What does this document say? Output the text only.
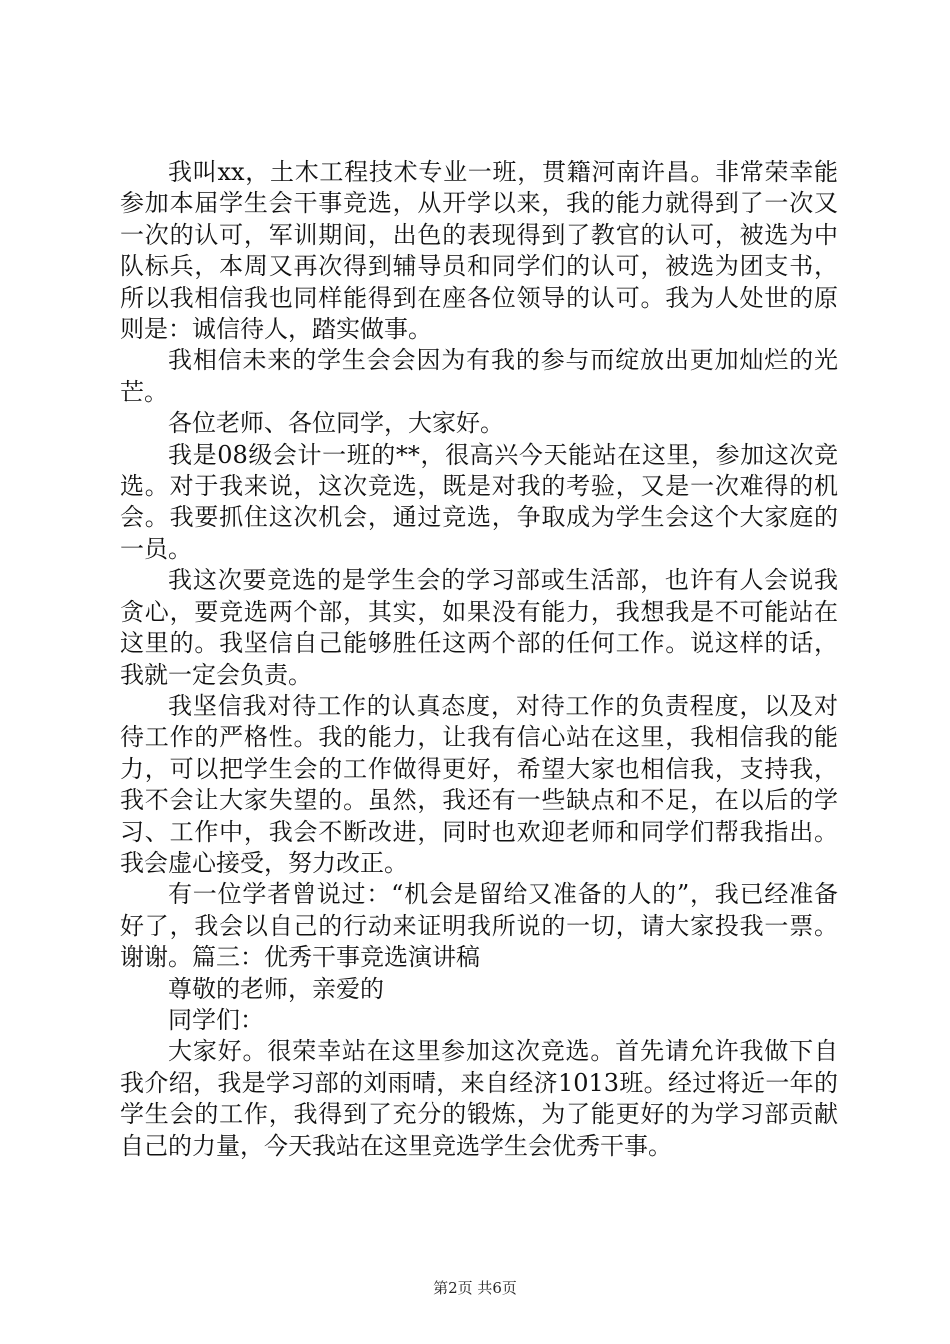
我叫xx，土木工程技术专业一班，贯籍河南许昌。非常荣幸能参加本届学生会干事竞选，从开学以来，我的能力就得到了一次又一次的认可，军训期间，出色的表现得到了教官的认可，被选为中队标兵，本周又再次得到辅导员和同学们的认可，被选为团支书，所以我相信我也同样能得到在座各位领导的认可。我为人处世的原则是：诚信待人，踏实做事。

我相信未来的学生会会因为有我的参与而绽放出更加灿烂的光芒。

各位老师、各位同学，大家好。

我是08级会计一班的**，很高兴今天能站在这里，参加这次竞选。对于我来说，这次竞选，既是对我的考验，又是一次难得的机会。我要抓住这次机会，通过竞选，争取成为学生会这个大家庭的一员。

我这次要竞选的是学生会的学习部或生活部，也许有人会说我贪心，要竞选两个部，其实，如果没有能力，我想我是不可能站在这里的。我坚信自己能够胜任这两个部的任何工作。说这样的话，我就一定会负责。

我坚信我对待工作的认真态度，对待工作的负责程度，以及对待工作的严格性。我的能力，让我有信心站在这里，我相信我的能力，可以把学生会的工作做得更好，希望大家也相信我，支持我，我不会让大家失望的。虽然，我还有一些缺点和不足，在以后的学习、工作中，我会不断改进，同时也欢迎老师和同学们帮我指出。我会虚心接受，努力改正。

有一位学者曾说过：“机会是留给又准备的人的”，我已经准备好了，我会以自己的行动来证明我所说的一切，请大家投我一票。谢谢。篇三：优秀干事竞选演讲稿

尊敬的老师，亲爱的

同学们：

大家好。很荣幸站在这里参加这次竞选。首先请允许我做下自我介绍，我是学习部的刘雨晴，来自经济1013班。经过将近一年的学生会的工作，我得到了充分的锻炼，为了能更好的为学习部贡献自己的力量，今天我站在这里竞选学生会优秀干事。

第2页 共6页
